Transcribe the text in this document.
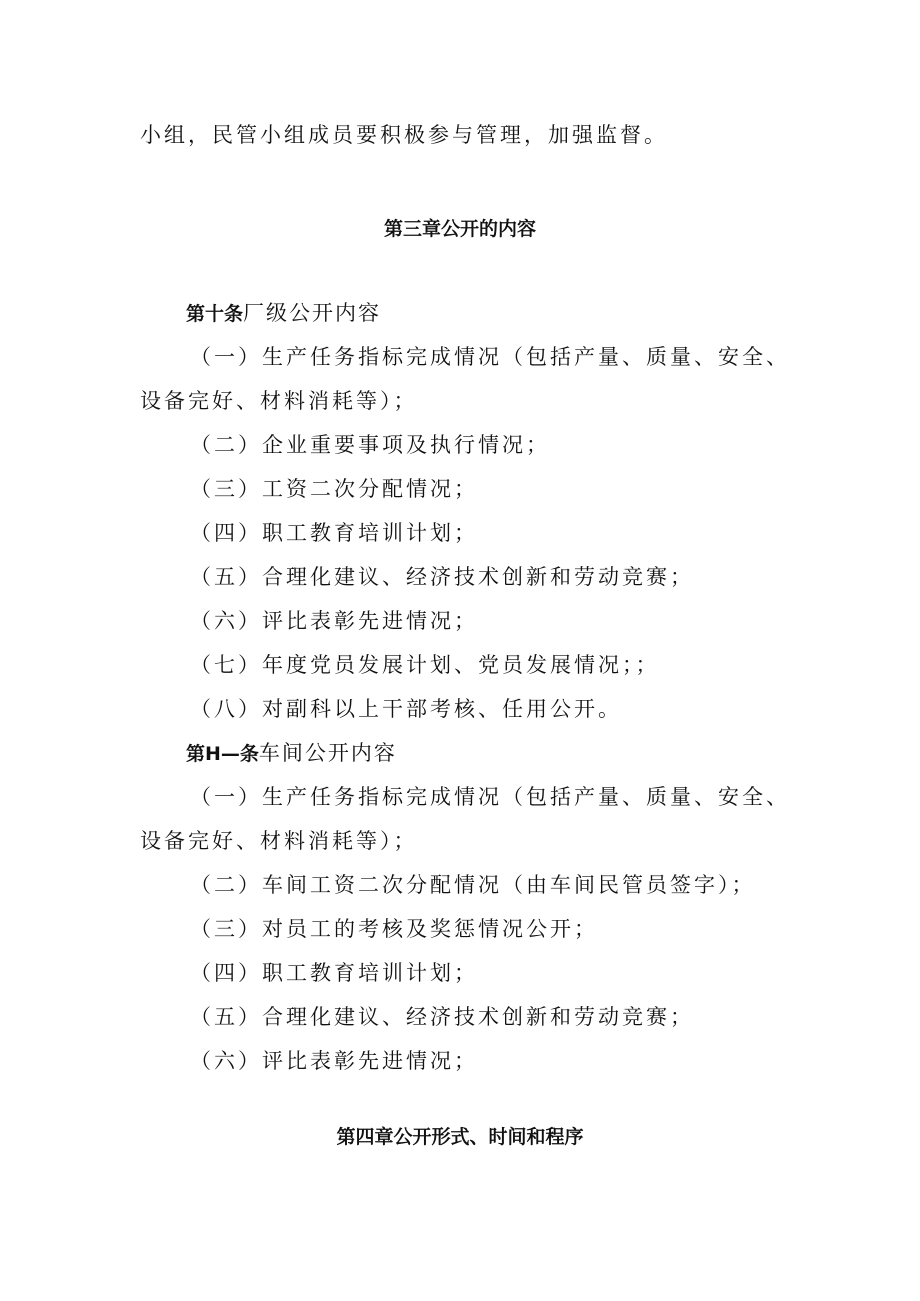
小组，民管小组成员要积极参与管理，加强监督。
第三章公开的内容
第十条厂级公开内容
（一）生产任务指标完成情况（包括产量、质量、安全、
设备完好、材料消耗等）；
（二）企业重要事项及执行情况；
（三）工资二次分配情况；
（四）职工教育培训计划；
（五）合理化建议、经济技术创新和劳动竞赛；
（六）评比表彰先进情况；
（七）年度党员发展计划、党员发展情况；；
（八）对副科以上干部考核、任用公开。
第H—条车间公开内容
（一）生产任务指标完成情况（包括产量、质量、安全、
设备完好、材料消耗等）；
（二）车间工资二次分配情况（由车间民管员签字）；
（三）对员工的考核及奖惩情况公开；
（四）职工教育培训计划；
（五）合理化建议、经济技术创新和劳动竞赛；
（六）评比表彰先进情况；
第四章公开形式、时间和程序
